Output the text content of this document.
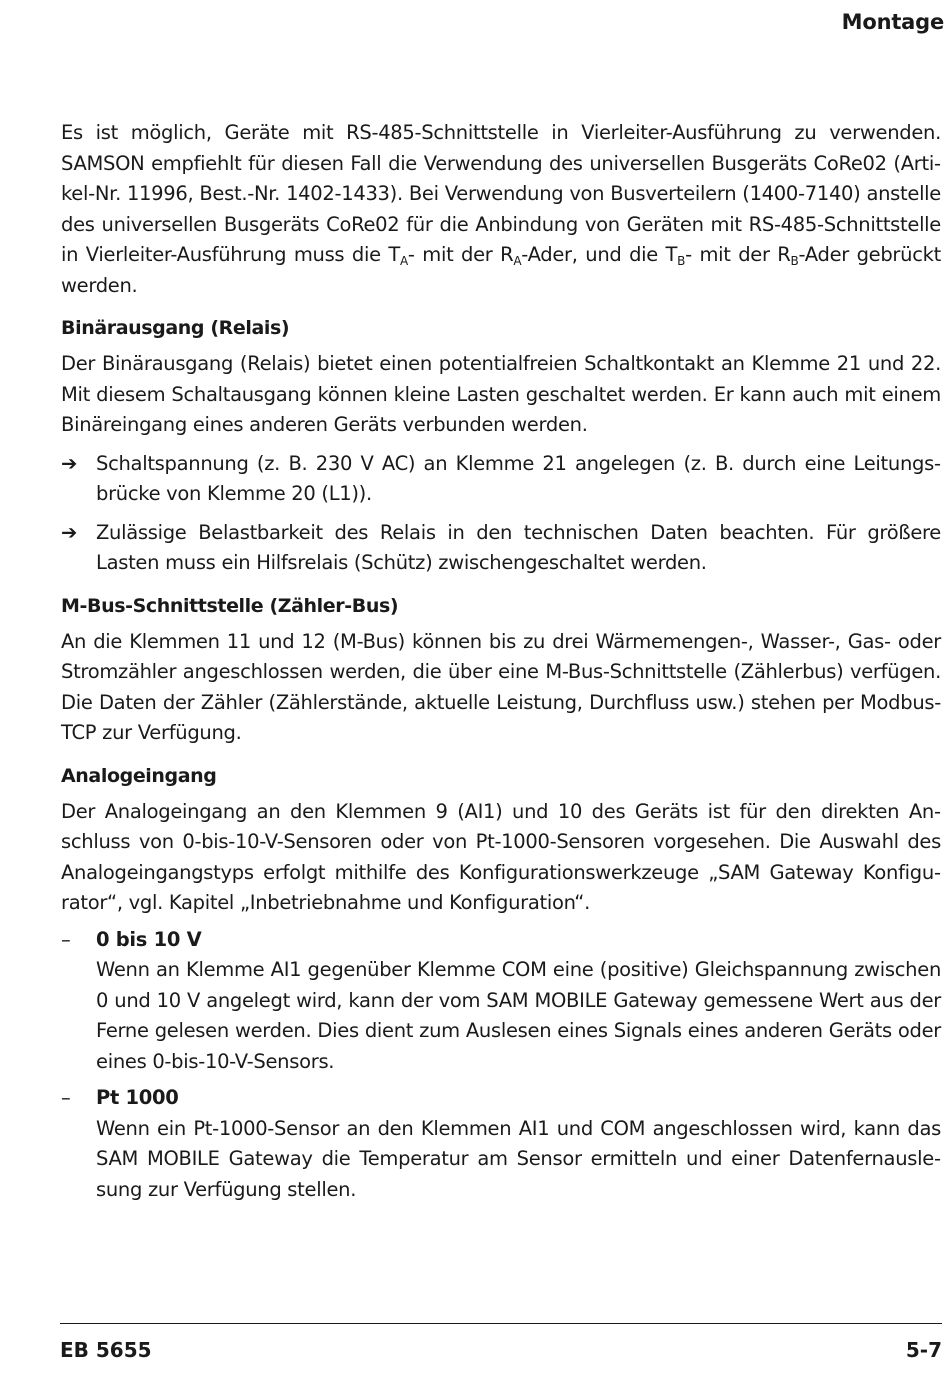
Montage

Es ist möglich, Geräte mit RS-485-Schnittstelle in Vierleiter-Ausführung zu verwenden. SAMSON empfiehlt für diesen Fall die Verwendung des universellen Busgeräts CoRe02 (Artikel-Nr. 11996, Best.-Nr. 1402-1433). Bei Verwendung von Busverteilern (1400-7140) anstelle des universellen Busgeräts CoRe02 für die Anbindung von Geräten mit RS-485-Schnittstelle in Vierleiter-Ausführung muss die $T_A-$ mit der $R_A$-Ader, und die $T_B-$ mit der $R_B$-Ader gebrückt werden.

Binärausgang (Relais)

Der Binärausgang (Relais) bietet einen potentialfreien Schaltkontakt an Klemme 21 und 22. Mit diesem Schaltausgang können kleine Lasten geschaltet werden. Er kann auch mit einem Binäreingang eines anderen Geräts verbunden werden.

➔ Schaltspannung (z. B. 230 V AC) an Klemme 21 angelegen (z. B. durch eine Leitungsbrücke von Klemme 20 (L1)).

➔ Zulässige Belastbarkeit des Relais in den technischen Daten beachten. Für größere Lasten muss ein Hilfsrelais (Schütz) zwischengeschaltet werden.

M-Bus-Schnittstelle (Zähler-Bus)

An die Klemmen 11 und 12 (M-Bus) können bis zu drei Wärmemengen-, Wasser-, Gas- oder Stromzähler angeschlossen werden, die über eine M-Bus-Schnittstelle (Zählerbus) verfügen. Die Daten der Zähler (Zählerstände, aktuelle Leistung, Durchfluss usw.) stehen per Modbus-TCP zur Verfügung.

Analogeingang

Der Analogeingang an den Klemmen 9 (AI1) und 10 des Geräts ist für den direkten Anschluss von 0-bis-10-V-Sensoren oder von Pt-1000-Sensoren vorgesehen. Die Auswahl des Analogeingangstyps erfolgt mithilfe des Konfigurationswerkzeuge „SAM Gateway Konfigurator“, vgl. Kapitel „Inbetriebnahme und Konfiguration“.

– 0 bis 10 V

Wenn an Klemme AI1 gegenüber Klemme COM eine (positive) Gleichspannung zwischen 0 und 10 V angelegt wird, kann der vom SAM MOBILE Gateway gemessene Wert aus der Ferne gelesen werden. Dies dient zum Auslesen eines Signals eines anderen Geräts oder eines 0-bis-10-V-Sensors.

– Pt 1000

Wenn ein Pt-1000-Sensor an den Klemmen AI1 und COM angeschlossen wird, kann das SAM MOBILE Gateway die Temperatur am Sensor ermitteln und einer Datenfernauslesung zur Verfügung stellen.

EB 5655	5-7
